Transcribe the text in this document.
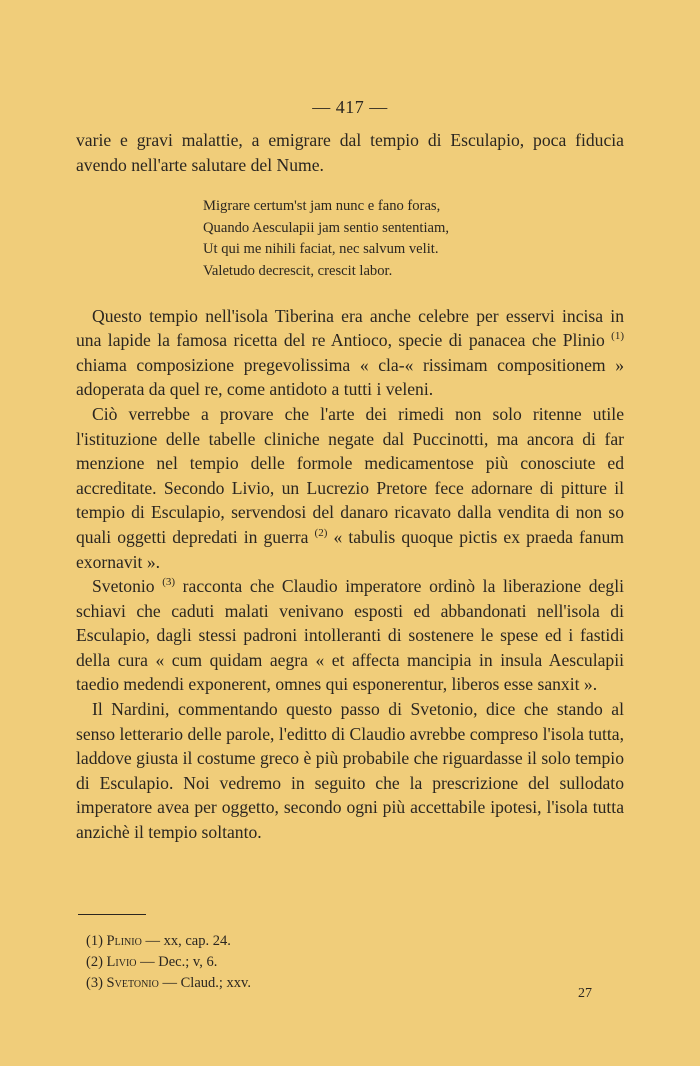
— 417 —

varie e gravi malattie, a emigrare dal tempio di Esculapio, poca fiducia avendo nell'arte salutare del Nume.

Migrare certum'st jam nunc e fano foras,
Quando Aesculapii jam sentio sententiam,
Ut qui me nihili faciat, nec salvum velit.
Valetudo decrescit, crescit labor.

Questo tempio nell'isola Tiberina era anche celebre per esservi incisa in una lapide la famosa ricetta del re Antioco, specie di panacea che Plinio $^{(1)}$ chiama composizione pregevolissima « cla-« rissimam compositionem » adoperata da quel re, come antidoto a tutti i veleni.

Ciò verrebbe a provare che l'arte dei rimedi non solo ritenne utile l'istituzione delle tabelle cliniche negate dal Puccinotti, ma ancora di far menzione nel tempio delle formole medicamentose più conosciute ed accreditate. Secondo Livio, un Lucrezio Pretore fece adornare di pitture il tempio di Esculapio, servendosi del danaro ricavato dalla vendita di non so quali oggetti depredati in guerra $^{(2)}$ « tabulis quoque pictis ex praeda fanum exornavit ».

Svetonio $^{(3)}$ racconta che Claudio imperatore ordinò la liberazione degli schiavi che caduti malati venivano esposti ed abbandonati nell'isola di Esculapio, dagli stessi padroni intolleranti di sostenere le spese ed i fastidi della cura « cum quidam aegra « et affecta mancipia in insula Aesculapii taedio medendi exponerent, omnes qui esponerentur, liberos esse sanxit ».

Il Nardini, commentando questo passo di Svetonio, dice che stando al senso letterario delle parole, l'editto di Claudio avrebbe compreso l'isola tutta, laddove giusta il costume greco è più probabile che riguardasse il solo tempio di Esculapio. Noi vedremo in seguito che la prescrizione del sullodato imperatore avea per oggetto, secondo ogni più accettabile ipotesi, l'isola tutta anzichè il tempio soltanto.

(1) Plinio — xx, cap. 24.
(2) Livio — Dec.; v, 6.
(3) Svetonio — Claud.; xxv.
27
